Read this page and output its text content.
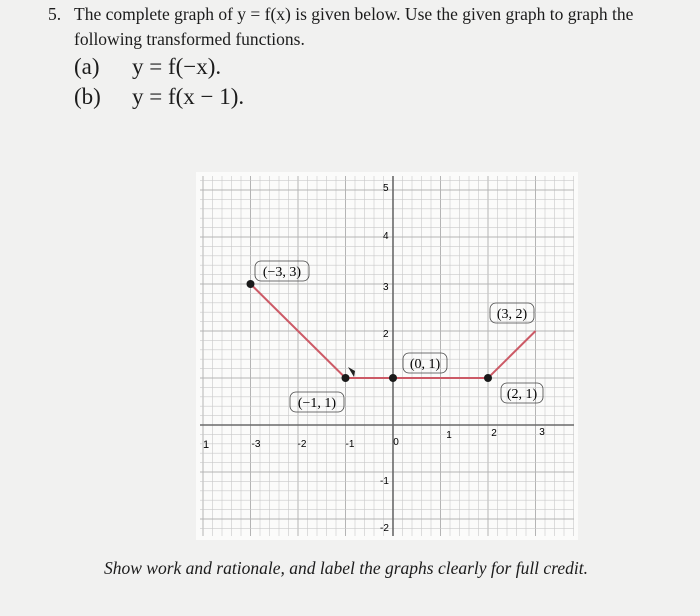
5. The complete graph of y = f(x) is given below. Use the given graph to graph the
following transformed functions.
(a) y = f(−x).
(b) y = f(x − 1).
-3	-2	-1	0
1	2	3
5
4
3
2
-1
-2
1
(−3, 3)
(−1, 1)
(0, 1)
(3, 2)
(2, 1)
Show work and rationale, and label the graphs clearly for full credit.
